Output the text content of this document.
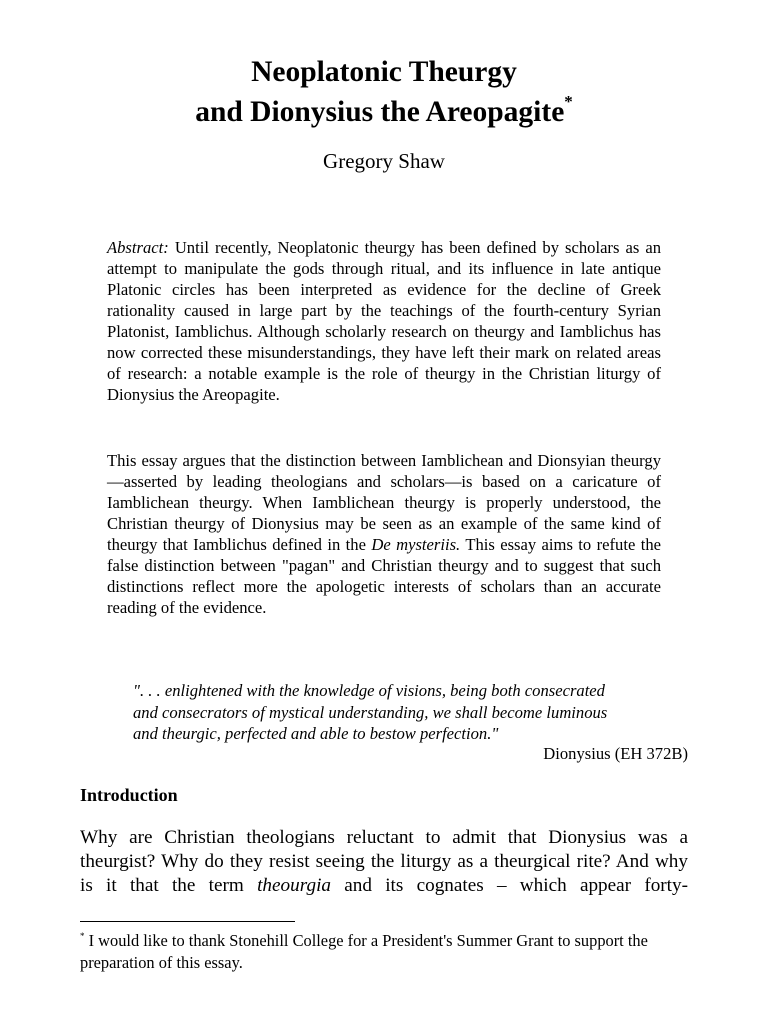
Neoplatonic Theurgy
and Dionysius the Areopagite*
Gregory Shaw

Abstract: Until recently, Neoplatonic theurgy has been defined by scholars as an attempt to manipulate the gods through ritual, and its influence in late antique Platonic circles has been interpreted as evidence for the decline of Greek rationality caused in large part by the teachings of the fourth-century Syrian Platonist, Iamblichus. Although scholarly research on theurgy and Iamblichus has now corrected these misunderstandings, they have left their mark on related areas of research: a notable example is the role of theurgy in the Christian liturgy of Dionysius the Areopagite.

This essay argues that the distinction between Iamblichean and Dionsyian theurgy—asserted by leading theologians and scholars—is based on a caricature of Iamblichean theurgy. When Iamblichean theurgy is properly understood, the Christian theurgy of Dionysius may be seen as an example of the same kind of theurgy that Iamblichus defined in the De mysteriis. This essay aims to refute the false distinction between "pagan" and Christian theurgy and to suggest that such distinctions reflect more the apologetic interests of scholars than an accurate reading of the evidence.

". . . enlightened with the knowledge of visions, being both consecrated
and consecrators of mystical understanding, we shall become luminous
and theurgic, perfected and able to bestow perfection."
Dionysius (EH 372B)
Introduction

Why are Christian theologians reluctant to admit that Dionysius was a theurgist? Why do they resist seeing the liturgy as a theurgical rite? And why is it that the term theourgia and its cognates – which appear forty-

* I would like to thank Stonehill College for a President's Summer Grant to support the preparation of this essay.
